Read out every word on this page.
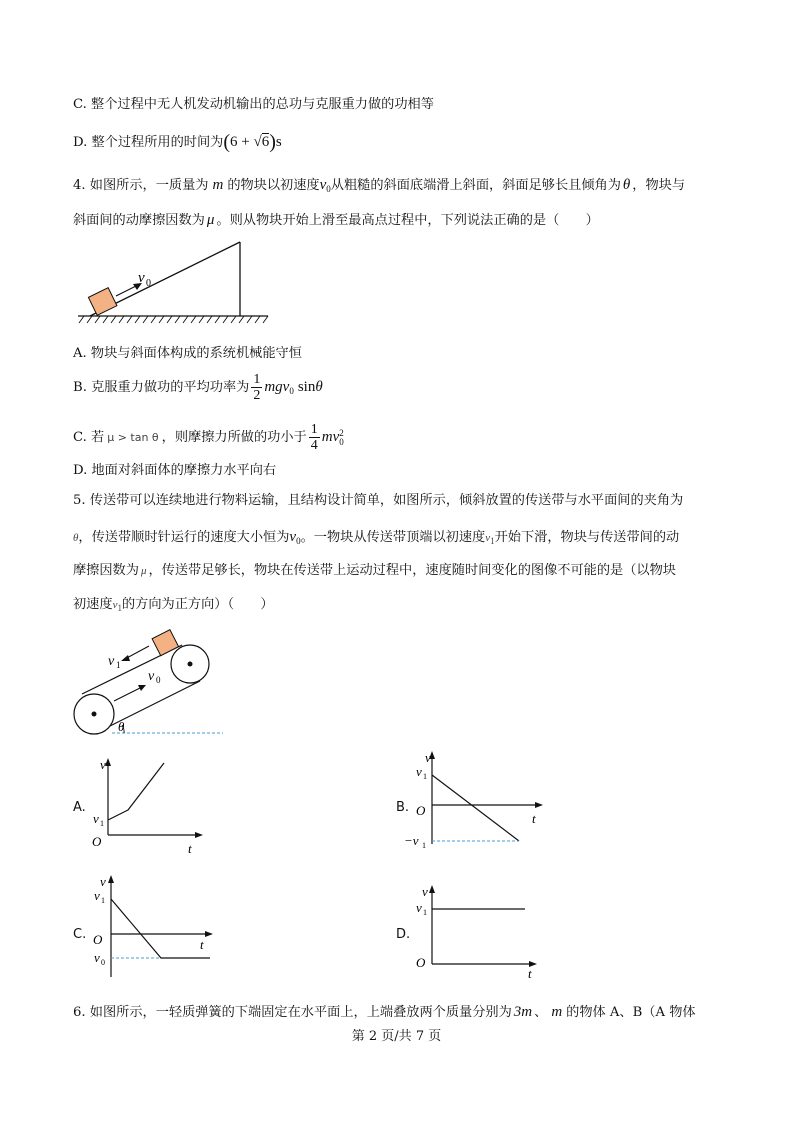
C. 整个过程中无人机发动机输出的总功与克服重力做的功相等
D. 整个过程所用的时间为(6 + √6)s
4. 如图所示，一质量为 m 的物块以初速度$v_0$从粗糙的斜面底端滑上斜面，斜面足够长且倾角为 θ ，物块与
斜面间的动摩擦因数为 μ 。则从物块开始上滑至最高点过程中，下列说法正确的是（　　）
v 0
A. 物块与斜面体构成的系统机械能守恒
B. 克服重力做功的平均功率为 $\frac{1}{2} mgv_0$ sinθ
C. 若 μ > tan θ ，则摩擦力所做的功小于 $\frac{1}{4}$ mv 2
0
D. 地面对斜面体的摩擦力水平向右
5. 传送带可以连续地进行物料运输，且结构设计简单，如图所示，倾斜放置的传送带与水平面间的夹角为
θ，传送带顺时针运行的速度大小恒为$v_0$。一物块从传送带顶端以初速度$v_1$开始下滑，物块与传送带间的动
摩擦因数为 μ ，传送带足够长，物块在传送带上运动过程中，速度随时间变化的图像不可能的是（以物块
初速度$v_1$的方向为正方向）（　　）
v 1
v 0
θ
A.
v
t
O
v 1
B.
v
t
O
v 1
−v 1
C.
v
t
O
v 1
v 0
D.
v
t
O
v 1
6. 如图所示，一轻质弹簧的下端固定在水平面上，上端叠放两个质量分别为 3m 、 m 的物体 A、B（A 物体
第 2 页/共 7 页
